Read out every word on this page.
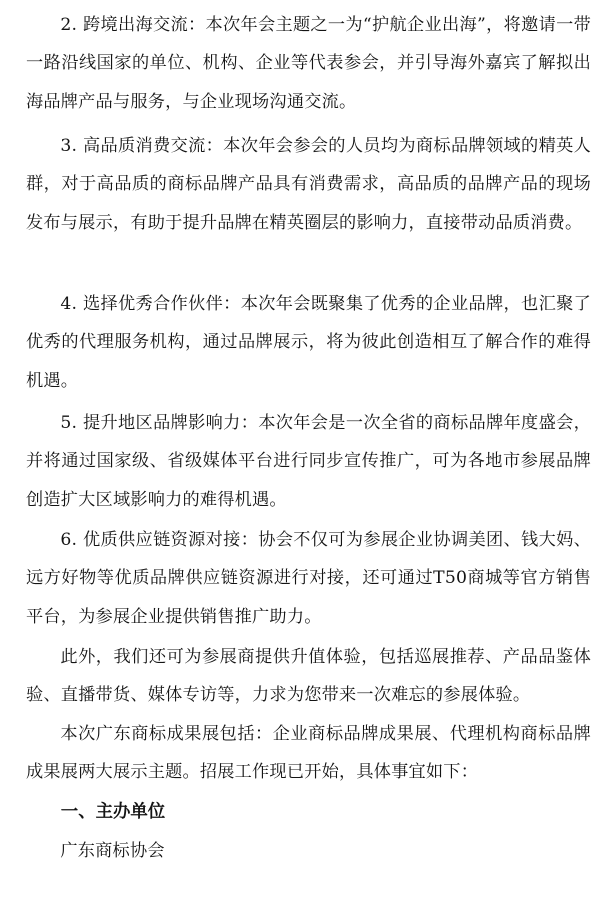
2. 跨境出海交流：本次年会主题之一为“护航企业出海”，将邀请一带一路沿线国家的单位、机构、企业等代表参会，并引导海外嘉宾了解拟出海品牌产品与服务，与企业现场沟通交流。

3. 高品质消费交流：本次年会参会的人员均为商标品牌领域的精英人群，对于高品质的商标品牌产品具有消费需求，高品质的品牌产品的现场发布与展示，有助于提升品牌在精英圈层的影响力，直接带动品质消费。

4. 选择优秀合作伙伴：本次年会既聚集了优秀的企业品牌，也汇聚了优秀的代理服务机构，通过品牌展示，将为彼此创造相互了解合作的难得机遇。

5. 提升地区品牌影响力：本次年会是一次全省的商标品牌年度盛会，并将通过国家级、省级媒体平台进行同步宣传推广，可为各地市参展品牌创造扩大区域影响力的难得机遇。

6. 优质供应链资源对接：协会不仅可为参展企业协调美团、钱大妈、远方好物等优质品牌供应链资源进行对接，还可通过T50商城等官方销售平台，为参展企业提供销售推广助力。

此外，我们还可为参展商提供升值体验，包括巡展推荐、产品品鉴体验、直播带货、媒体专访等，力求为您带来一次难忘的参展体验。

本次广东商标成果展包括：企业商标品牌成果展、代理机构商标品牌成果展两大展示主题。招展工作现已开始，具体事宜如下：

一、主办单位

广东商标协会
